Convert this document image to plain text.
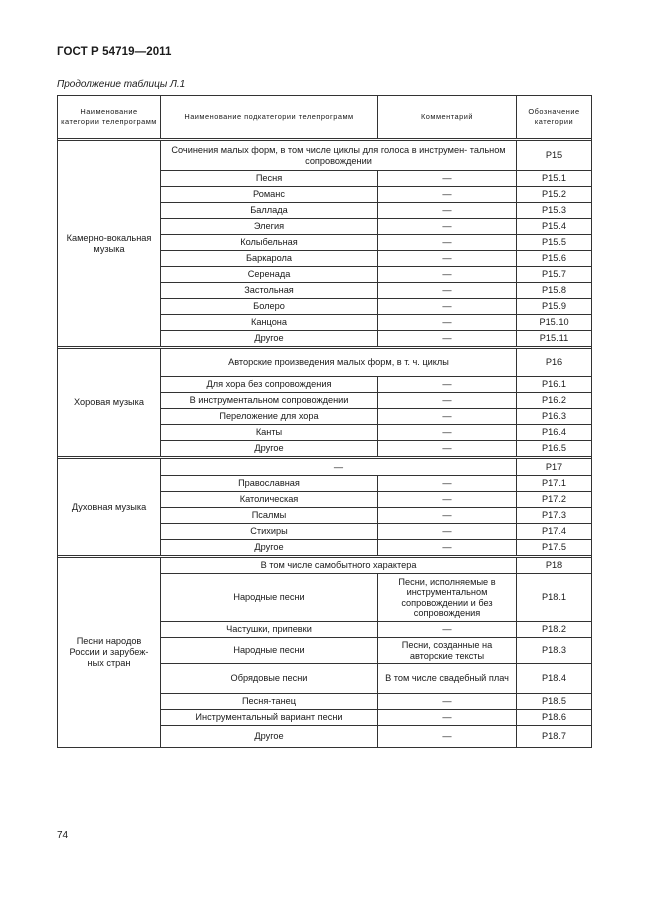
ГОСТ Р 54719—2011
Продолжение таблицы Л.1
Наименование категории телепрограмм	Наименование подкатегории телепрограмм	Комментарий	Обозначение категории

Камерно-вокальная музыка	Сочинения малых форм, в том числе циклы для голоса в инструмен- тальном сопровождении		P15
	Песня	—	P15.1
	Романс	—	P15.2
	Баллада	—	P15.3
	Элегия	—	P15.4
	Колыбельная	—	P15.5
	Баркарола	—	P15.6
	Серенада	—	P15.7
	Застольная	—	P15.8
	Болеро	—	P15.9
	Канцона	—	P15.10
	Другое	—	P15.11

Хоровая музыка	Авторские произведения малых форм, в т. ч. циклы		P16
	Для хора без сопровождения	—	P16.1
	В инструментальном сопровождении	—	P16.2
	Переложение для хора	—	P16.3
	Канты	—	P16.4
	Другое	—	P16.5

Духовная музыка	—		P17
	Православная	—	P17.1
	Католическая	—	P17.2
	Псалмы	—	P17.3
	Стихиры	—	P17.4
	Другое	—	P17.5

Песни народов России и зарубеж- ных стран	В том числе самобытного характера		P18
	Народные песни	Песни, исполняемые в инструментальном сопровождении и без сопровождения	P18.1
	Частушки, припевки	—	P18.2
	Народные песни	Песни, созданные на авторские тексты	P18.3
	Обрядовые песни	В том числе свадебный плач	P18.4
	Песня-танец	—	P18.5
	Инструментальный вариант песни	—	P18.6
	Другое	—	P18.7
74
